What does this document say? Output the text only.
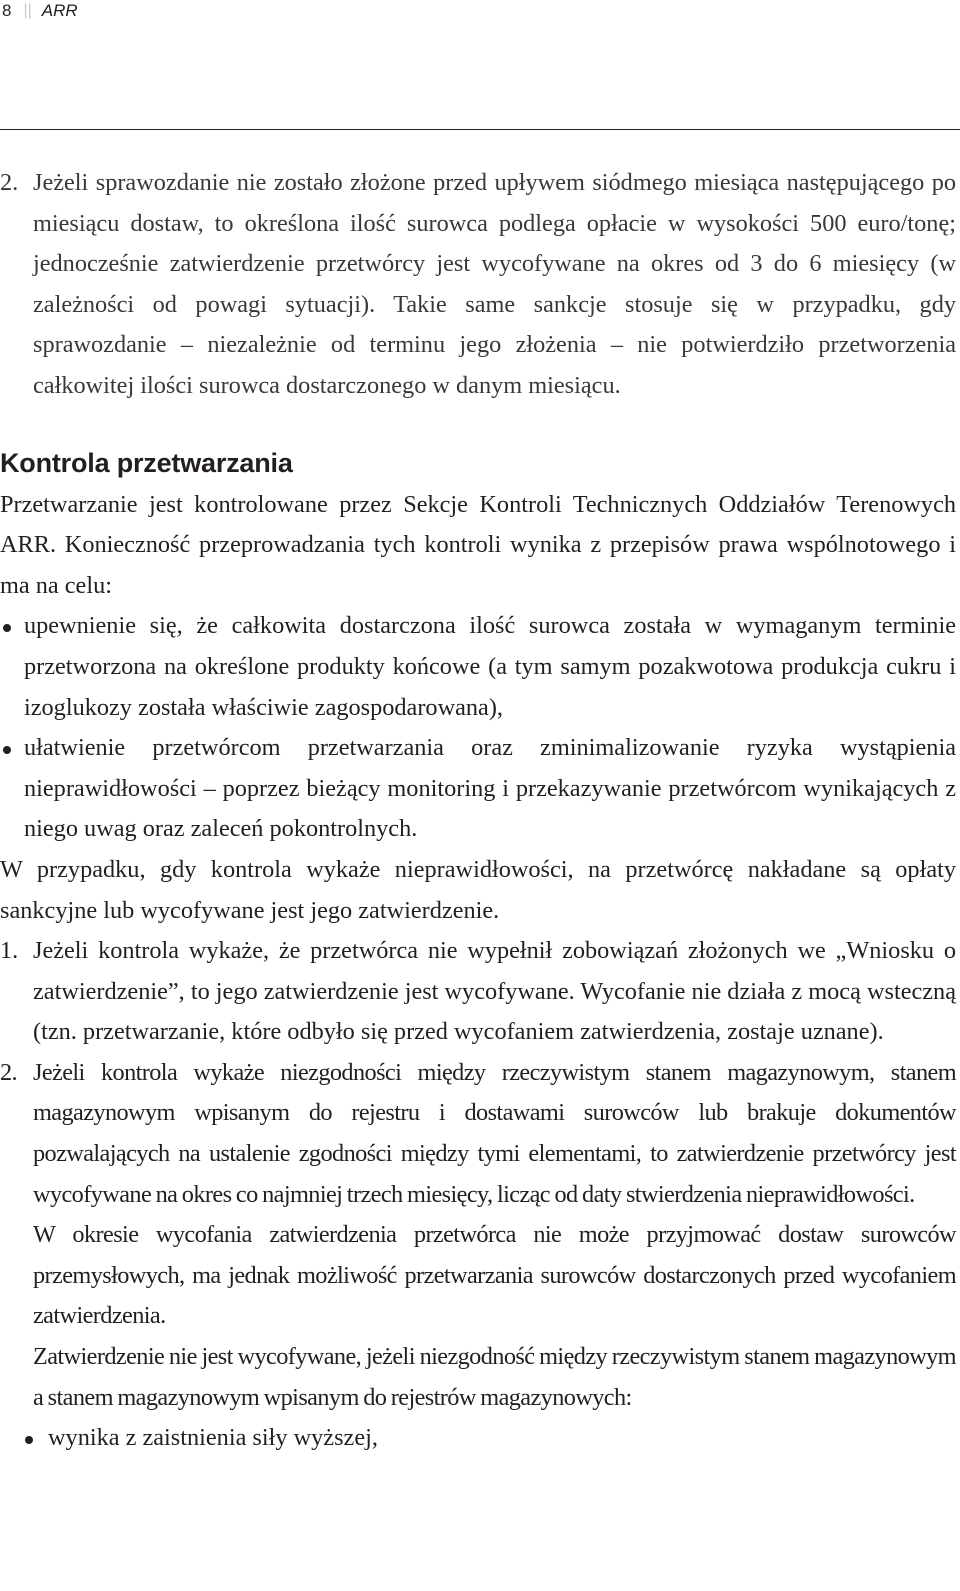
8 || ARR

2. Jeżeli sprawozdanie nie zostało złożone przed upływem siódmego miesiąca następującego po miesiącu dostaw, to określona ilość surowca podlega opłacie w wysokości 500 euro/tonę; jednocześnie zatwierdzenie przetwórcy jest wycofywane na okres od 3 do 6 miesięcy (w zależności od powagi sytuacji). Takie same sankcje stosuje się w przypadku, gdy sprawozdanie – niezależnie od terminu jego złożenia – nie potwierdziło przetworzenia całkowitej ilości surowca dostarczonego w danym miesiącu.

Kontrola przetwarzania

Przetwarzanie jest kontrolowane przez Sekcje Kontroli Technicznych Oddziałów Terenowych ARR. Konieczność przeprowadzania tych kontroli wynika z przepisów prawa wspólnotowego i ma na celu:

upewnienie się, że całkowita dostarczona ilość surowca została w wymaganym terminie przetworzona na określone produkty końcowe (a tym samym pozakwotowa produkcja cukru i izoglukozy została właściwie zagospodarowana),
ułatwienie przetwórcom przetwarzania oraz zminimalizowanie ryzyka wystąpienia nieprawidłowości – poprzez bieżący monitoring i przekazywanie przetwórcom wynikających z niego uwag oraz zaleceń pokontrolnych.

W przypadku, gdy kontrola wykaże nieprawidłowości, na przetwórcę nakładane są opłaty sankcyjne lub wycofywane jest jego zatwierdzenie.

1. Jeżeli kontrola wykaże, że przetwórca nie wypełnił zobowiązań złożonych we „Wniosku o zatwierdzenie”, to jego zatwierdzenie jest wycofywane. Wycofanie nie działa z mocą wsteczną (tzn. przetwarzanie, które odbyło się przed wycofaniem zatwierdzenia, zostaje uznane).

2. Jeżeli kontrola wykaże niezgodności między rzeczywistym stanem magazynowym, stanem magazynowym wpisanym do rejestru i dostawami surowców lub brakuje dokumentów pozwalających na ustalenie zgodności między tymi elementami, to zatwierdzenie przetwórcy jest wycofywane na okres co najmniej trzech miesięcy, licząc od daty stwierdzenia nieprawidłowości.

W okresie wycofania zatwierdzenia przetwórca nie może przyjmować dostaw surowców przemysłowych, ma jednak możliwość przetwarzania surowców dostarczonych przed wycofaniem zatwierdzenia.

Zatwierdzenie nie jest wycofywane, jeżeli niezgodność między rzeczywistym stanem magazynowym a stanem magazynowym wpisanym do rejestrów magazynowych:

wynika z zaistnienia siły wyższej,
